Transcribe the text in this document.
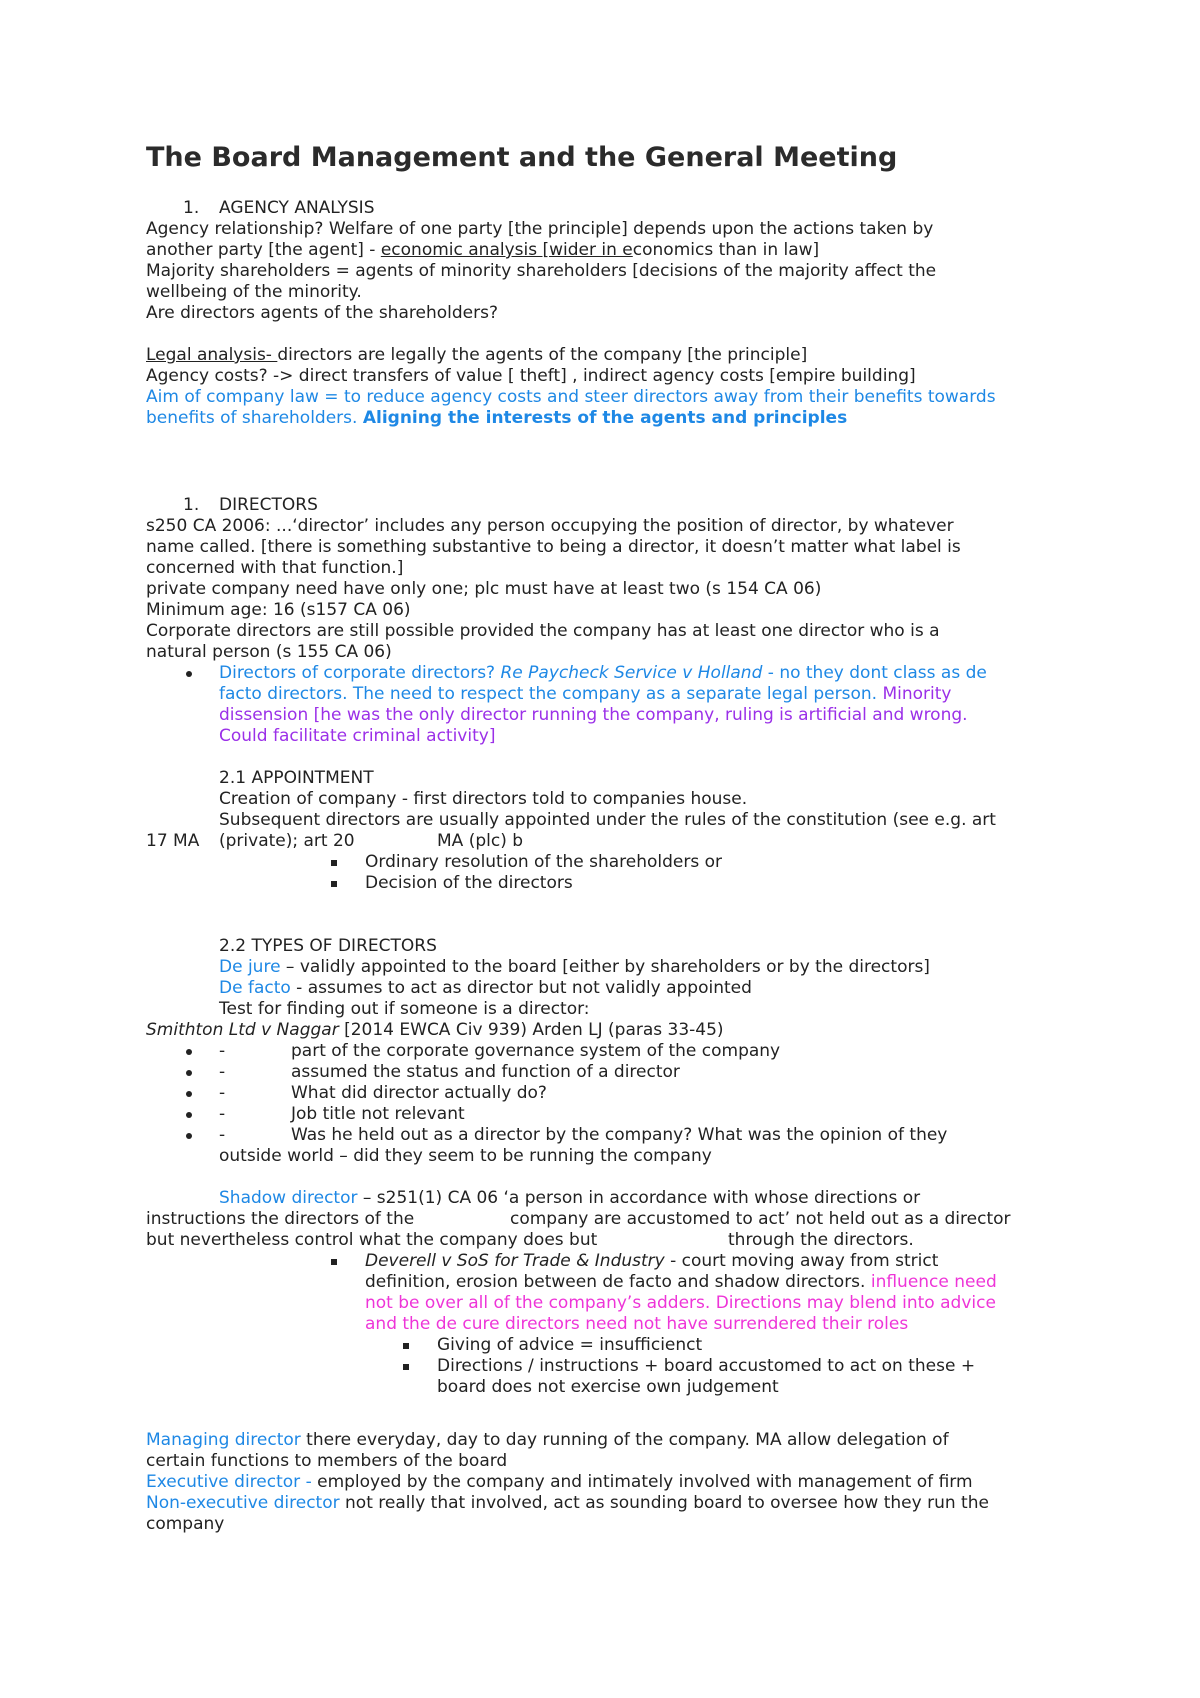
The Board Management and the General Meeting
1. AGENCY ANALYSIS
Agency relationship? Welfare of one party [the principle] depends upon the actions taken by
another party [the agent] - economic analysis [wider in economics than in law]
Majority shareholders = agents of minority shareholders [decisions of the majority affect the
wellbeing of the minority.
Are directors agents of the shareholders?
Legal analysis- directors are legally the agents of the company [the principle]
Agency costs? -> direct transfers of value [ theft] , indirect agency costs [empire building]
Aim of company law = to reduce agency costs and steer directors away from their benefits towards
benefits of shareholders. Aligning the interests of the agents and principles
1. DIRECTORS
s250 CA 2006: ...‘director’ includes any person occupying the position of director, by whatever
name called. [there is something substantive to being a director, it doesn’t matter what label is
concerned with that function.]
private company need have only one; plc must have at least two (s 154 CA 06)
Minimum age: 16 (s157 CA 06)
Corporate directors are still possible provided the company has at least one director who is a
natural person (s 155 CA 06)
Directors of corporate directors? Re Paycheck Service v Holland - no they dont class as de
facto directors. The need to respect the company as a separate legal person. Minority
dissension [he was the only director running the company, ruling is artificial and wrong.
Could facilitate criminal activity]
2.1 APPOINTMENT
Creation of company - first directors told to companies house.
Subsequent directors are usually appointed under the rules of the constitution (see e.g. art
17 MA (private); art 20	MA (plc) b
Ordinary resolution of the shareholders or
Decision of the directors
2.2 TYPES OF DIRECTORS
De jure – validly appointed to the board [either by shareholders or by the directors]
De facto - assumes to act as director but not validly appointed
Test for finding out if someone is a director:
Smithton Ltd v Naggar [2014 EWCA Civ 939) Arden LJ (paras 33-45)
-	part of the corporate governance system of the company
-	assumed the status and function of a director
-	What did director actually do?
-	Job title not relevant
-	Was he held out as a director by the company? What was the opinion of they
outside world – did they seem to be running the company
Shadow director – s251(1) CA 06 ‘a person in accordance with whose directions or
instructions the directors of the	company are accustomed to act’ not held out as a director
but nevertheless control what the company does but	through the directors.
Deverell v SoS for Trade & Industry - court moving away from strict
definition, erosion between de facto and shadow directors. influence need
not be over all of the company’s adders. Directions may blend into advice
and the de cure directors need not have surrendered their roles
Giving of advice = insufficienct
Directions / instructions + board accustomed to act on these +
board does not exercise own judgement
Managing director there everyday, day to day running of the company. MA allow delegation of
certain functions to members of the board
Executive director - employed by the company and intimately involved with management of firm
Non-executive director not really that involved, act as sounding board to oversee how they run the
company
